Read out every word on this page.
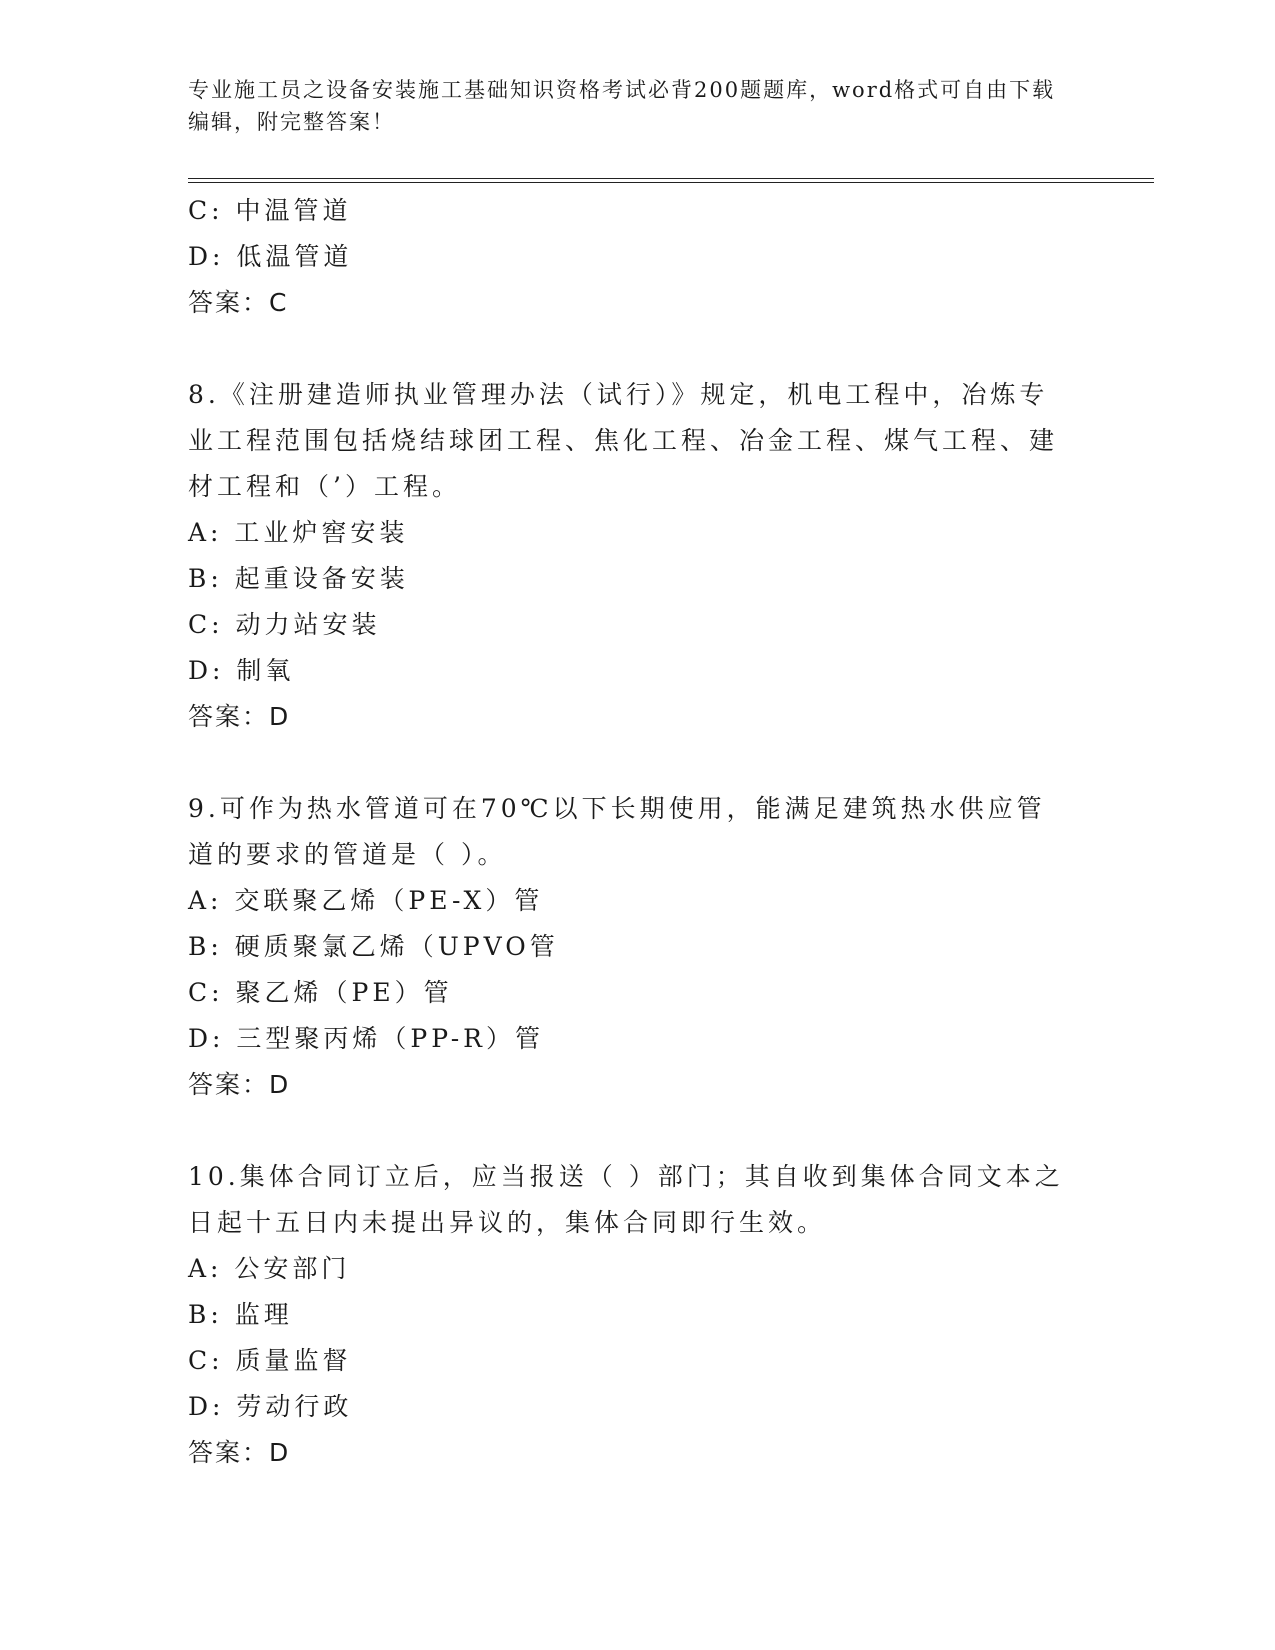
专业施工员之设备安装施工基础知识资格考试必背200题题库，word格式可自由下载编辑，附完整答案！

C: 中温管道
D: 低温管道
答案：C
8.《注册建造师执业管理办法（试行）》规定，机电工程中，冶炼专业工程范围包括烧结球团工程、焦化工程、冶金工程、煤气工程、建材工程和（’）工程。
A: 工业炉窖安装
B: 起重设备安装
C: 动力站安装
D: 制氧
答案：D
9.可作为热水管道可在70℃以下长期使用，能满足建筑热水供应管道的要求的管道是（ ）。
A: 交联聚乙烯（PE-X）管
B: 硬质聚氯乙烯（UPVO管
C: 聚乙烯（PE）管
D: 三型聚丙烯（PP-R）管
答案：D
10.集体合同订立后，应当报送（ ）部门；其自收到集体合同文本之日起十五日内未提出异议的，集体合同即行生效。
A: 公安部门
B: 监理
C: 质量监督
D: 劳动行政
答案：D
